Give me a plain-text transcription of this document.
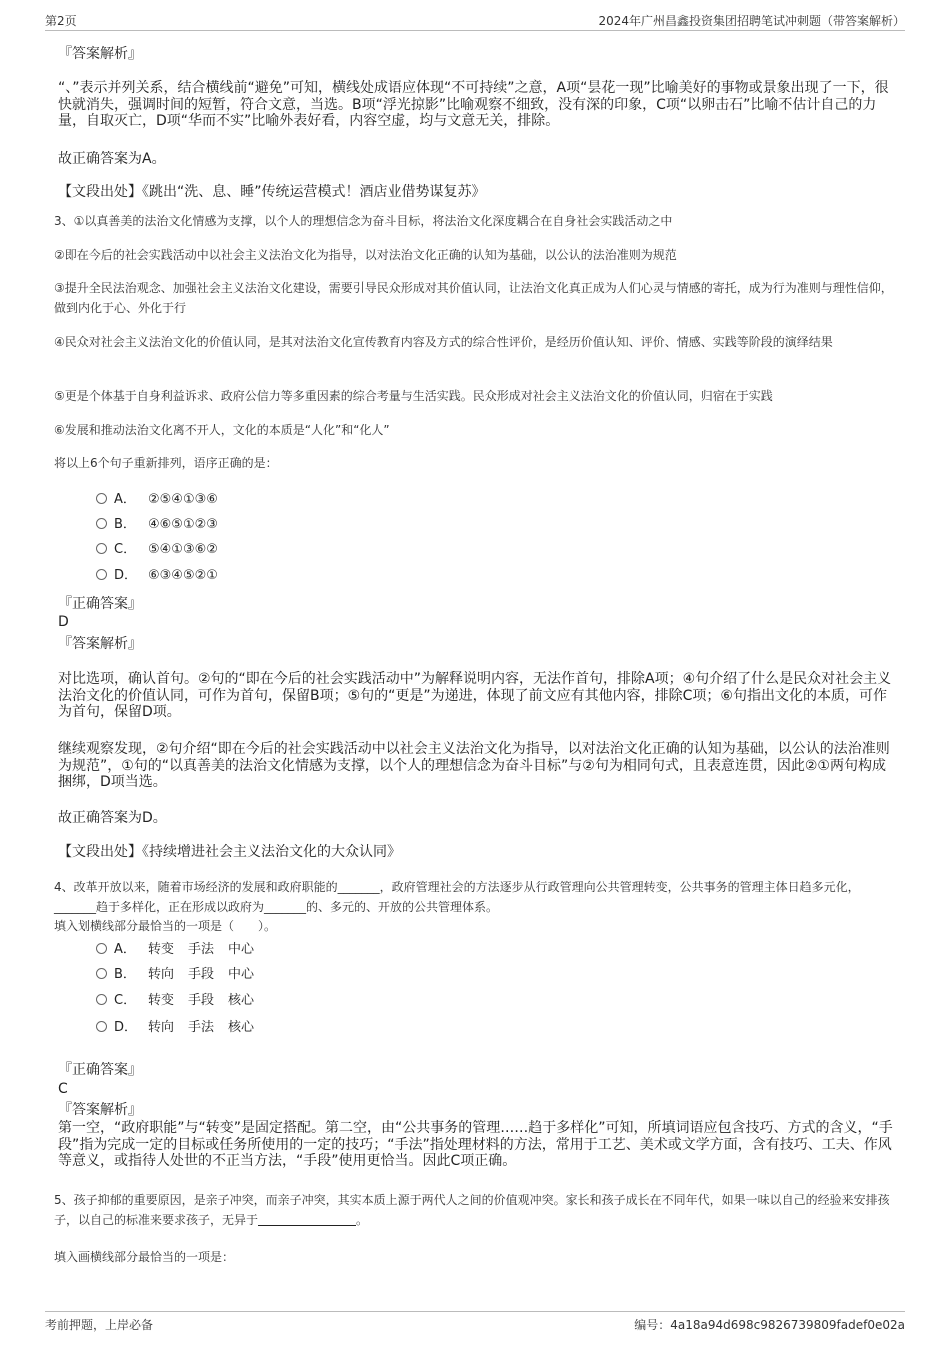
第2页	2024年广州昌鑫投资集团招聘笔试冲刺题（带答案解析）

『答案解析』

“、”表示并列关系，结合横线前“避免”可知，横线处成语应体现“不可持续”之意，A项“昙花一现”比喻美好的事物或景象出现了一下，很快就消失，强调时间的短暂，符合文意，当选。B项“浮光掠影”比喻观察不细致，没有深的印象，C项“以卵击石”比喻不估计自己的力量，自取灭亡，D项“华而不实”比喻外表好看，内容空虚，均与文意无关，排除。

故正确答案为A。

【文段出处】《跳出“洗、息、睡”传统运营模式！酒店业借势谋复苏》

3、①以真善美的法治文化情感为支撑，以个人的理想信念为奋斗目标，将法治文化深度耦合在自身社会实践活动之中

②即在今后的社会实践活动中以社会主义法治文化为指导，以对法治文化正确的认知为基础，以公认的法治准则为规范

③提升全民法治观念、加强社会主义法治文化建设，需要引导民众形成对其价值认同，让法治文化真正成为人们心灵与情感的寄托，成为行为准则与理性信仰，做到内化于心、外化于行

④民众对社会主义法治文化的价值认同，是其对法治文化宣传教育内容及方式的综合性评价，是经历价值认知、评价、情感、实践等阶段的演绎结果

⑤更是个体基于自身利益诉求、政府公信力等多重因素的综合考量与生活实践。民众形成对社会主义法治文化的价值认同，归宿在于实践

⑥发展和推动法治文化离不开人，文化的本质是“人化”和“化人”

将以上6个句子重新排列，语序正确的是：

A． ②⑤④①③⑥
B． ④⑥⑤①②③
C． ⑤④①③⑥②
D． ⑥③④⑤②①

『正确答案』

D

『答案解析』

对比选项，确认首句。②句的“即在今后的社会实践活动中”为解释说明内容，无法作首句，排除A项；④句介绍了什么是民众对社会主义法治文化的价值认同，可作为首句，保留B项；⑤句的“更是”为递进，体现了前文应有其他内容，排除C项；⑥句指出文化的本质，可作为首句，保留D项。

继续观察发现，②句介绍“即在今后的社会实践活动中以社会主义法治文化为指导，以对法治文化正确的认知为基础，以公认的法治准则为规范”，①句的“以真善美的法治文化情感为支撑，以个人的理想信念为奋斗目标”与②句为相同句式，且表意连贯，因此②①两句构成捆绑，D项当选。

故正确答案为D。

【文段出处】《持续增进社会主义法治文化的大众认同》

4、改革开放以来，随着市场经济的发展和政府职能的_______，政府管理社会的方法逐步从行政管理向公共管理转变，公共事务的管理主体日趋多元化，_______趋于多样化，正在形成以政府为_______的、多元的、开放的公共管理体系。

填入划横线部分最恰当的一项是（　　）。

A． 转变 手法 中心
B． 转向 手段 中心
C． 转变 手段 核心
D． 转向 手法 核心

『正确答案』

C

『答案解析』

第一空，“政府职能”与“转变”是固定搭配。第二空，由“公共事务的管理……趋于多样化”可知，所填词语应包含技巧、方式的含义，“手段”指为完成一定的目标或任务所使用的一定的技巧；“手法”指处理材料的方法，常用于工艺、美术或文学方面，含有技巧、工夫、作风等意义，或指待人处世的不正当方法，“手段”使用更恰当。因此C项正确。

5、孩子抑郁的重要原因，是亲子冲突，而亲子冲突，其实本质上源于两代人之间的价值观冲突。家长和孩子成长在不同年代，如果一味以自己的经验来安排孩子，以自己的标准来要求孩子，无异于	。

填入画横线部分最恰当的一项是：

考前押题，上岸必备	编号：4a18a94d698c9826739809fadef0e02a
